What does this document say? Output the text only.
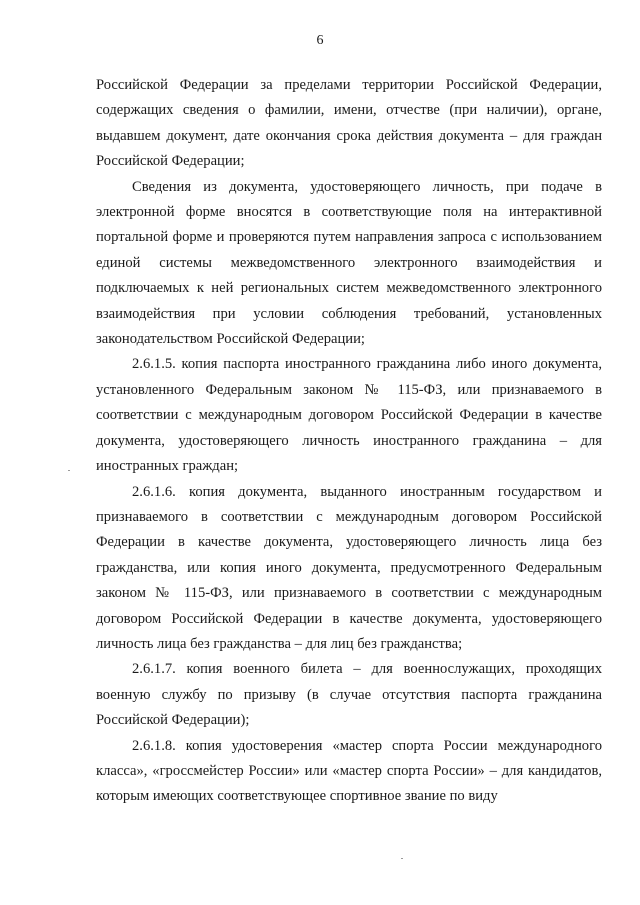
6

Российской Федерации за пределами территории Российской Федерации, содержащих сведения о фамилии, имени, отчестве (при наличии), органе, выдавшем документ, дате окончания срока действия документа – для граждан Российской Федерации;

Сведения из документа, удостоверяющего личность, при подаче в электронной форме вносятся в соответствующие поля на интерактивной портальной форме и проверяются путем направления запроса с использованием единой системы межведомственного электронного взаимодействия и подключаемых к ней региональных систем межведомственного электронного взаимодействия при условии соблюдения требований, установленных законодательством Российской Федерации;

2.6.1.5. копия паспорта иностранного гражданина либо иного документа, установленного Федеральным законом № 115-ФЗ, или признаваемого в соответствии с международным договором Российской Федерации в качестве документа, удостоверяющего личность иностранного гражданина – для иностранных граждан;

2.6.1.6. копия документа, выданного иностранным государством и признаваемого в соответствии с международным договором Российской Федерации в качестве документа, удостоверяющего личность лица без гражданства, или копия иного документа, предусмотренного Федеральным законом № 115-ФЗ, или признаваемого в соответствии с международным договором Российской Федерации в качестве документа, удостоверяющего личность лица без гражданства – для лиц без гражданства;

2.6.1.7. копия военного билета – для военнослужащих, проходящих военную службу по призыву (в случае отсутствия паспорта гражданина Российской Федерации);

2.6.1.8. копия удостоверения «мастер спорта России международного класса», «гроссмейстер России» или «мастер спорта России» – для кандидатов, которым имеющих соответствующее спортивное звание по виду
